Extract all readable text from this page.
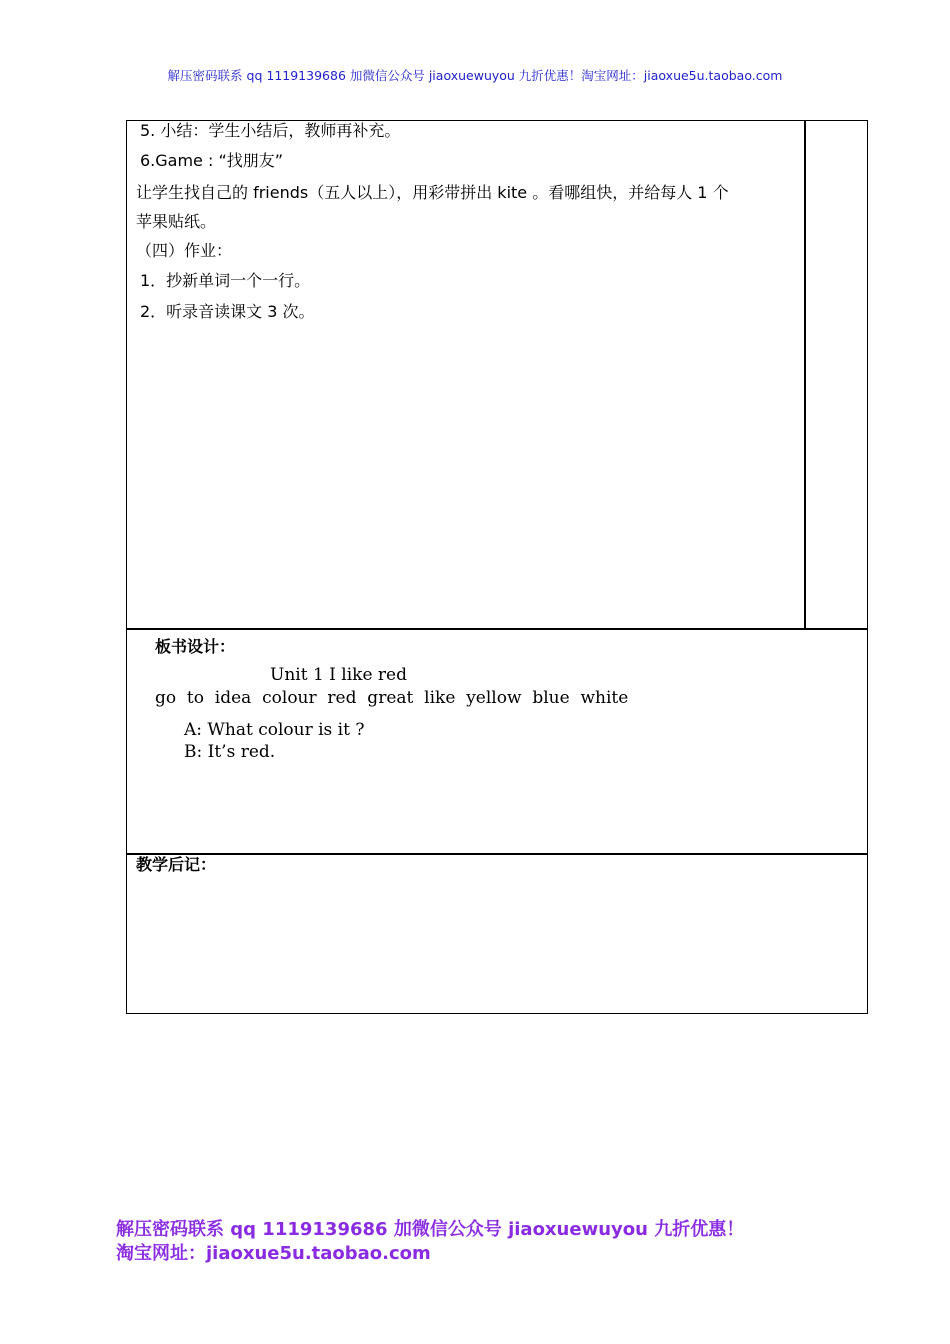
解压密码联系 qq 1119139686 加微信公众号 jiaoxuewuyou 九折优惠！淘宝网址：jiaoxue5u.taobao.com
5. 小结：学生小结后，教师再补充。
6.Game : “找朋友”
让学生找自己的 friends（五人以上），用彩带拼出 kite 。看哪组快，并给每人 1 个
苹果贴纸。
（四）作业：
1．抄新单词一个一行。
2．听录音读课文 3 次。
板书设计：
Unit 1 I like red
go  to  idea  colour  red  great  like  yellow  blue  white
A: What colour is it ?
B: It’s red.
教学后记：
解压密码联系 qq 1119139686 加微信公众号 jiaoxuewuyou 九折优惠！
淘宝网址：jiaoxue5u.taobao.com
